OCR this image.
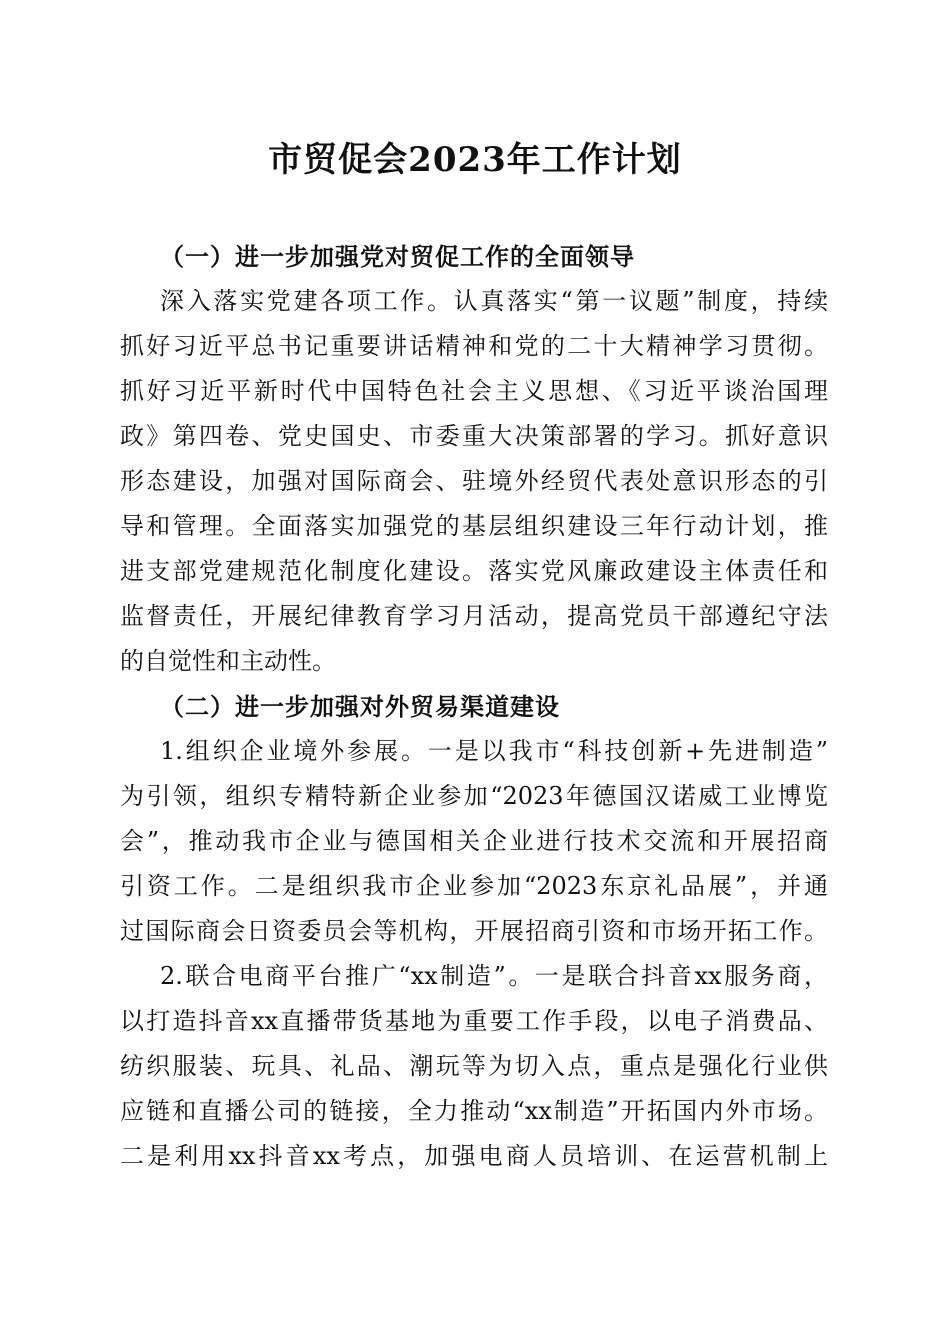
市贸促会2023年工作计划
（一）进一步加强党对贸促工作的全面领导
深入落实党建各项工作。认真落实“第一议题”制度，持续
抓好习近平总书记重要讲话精神和党的二十大精神学习贯彻。
抓好习近平新时代中国特色社会主义思想、《习近平谈治国理
政》第四卷、党史国史、市委重大决策部署的学习。抓好意识
形态建设，加强对国际商会、驻境外经贸代表处意识形态的引
导和管理。全面落实加强党的基层组织建设三年行动计划，推
进支部党建规范化制度化建设。落实党风廉政建设主体责任和
监督责任，开展纪律教育学习月活动，提高党员干部遵纪守法
的自觉性和主动性。
（二）进一步加强对外贸易渠道建设
1.组织企业境外参展。一是以我市“科技创新+先进制造”
为引领，组织专精特新企业参加“2023年德国汉诺威工业博览
会”，推动我市企业与德国相关企业进行技术交流和开展招商
引资工作。二是组织我市企业参加“2023东京礼品展”，并通
过国际商会日资委员会等机构，开展招商引资和市场开拓工作。
2.联合电商平台推广“xx制造”。一是联合抖音xx服务商，
以打造抖音xx直播带货基地为重要工作手段，以电子消费品、
纺织服装、玩具、礼品、潮玩等为切入点，重点是强化行业供
应链和直播公司的链接，全力推动“xx制造”开拓国内外市场。
二是利用xx抖音xx考点，加强电商人员培训、在运营机制上
